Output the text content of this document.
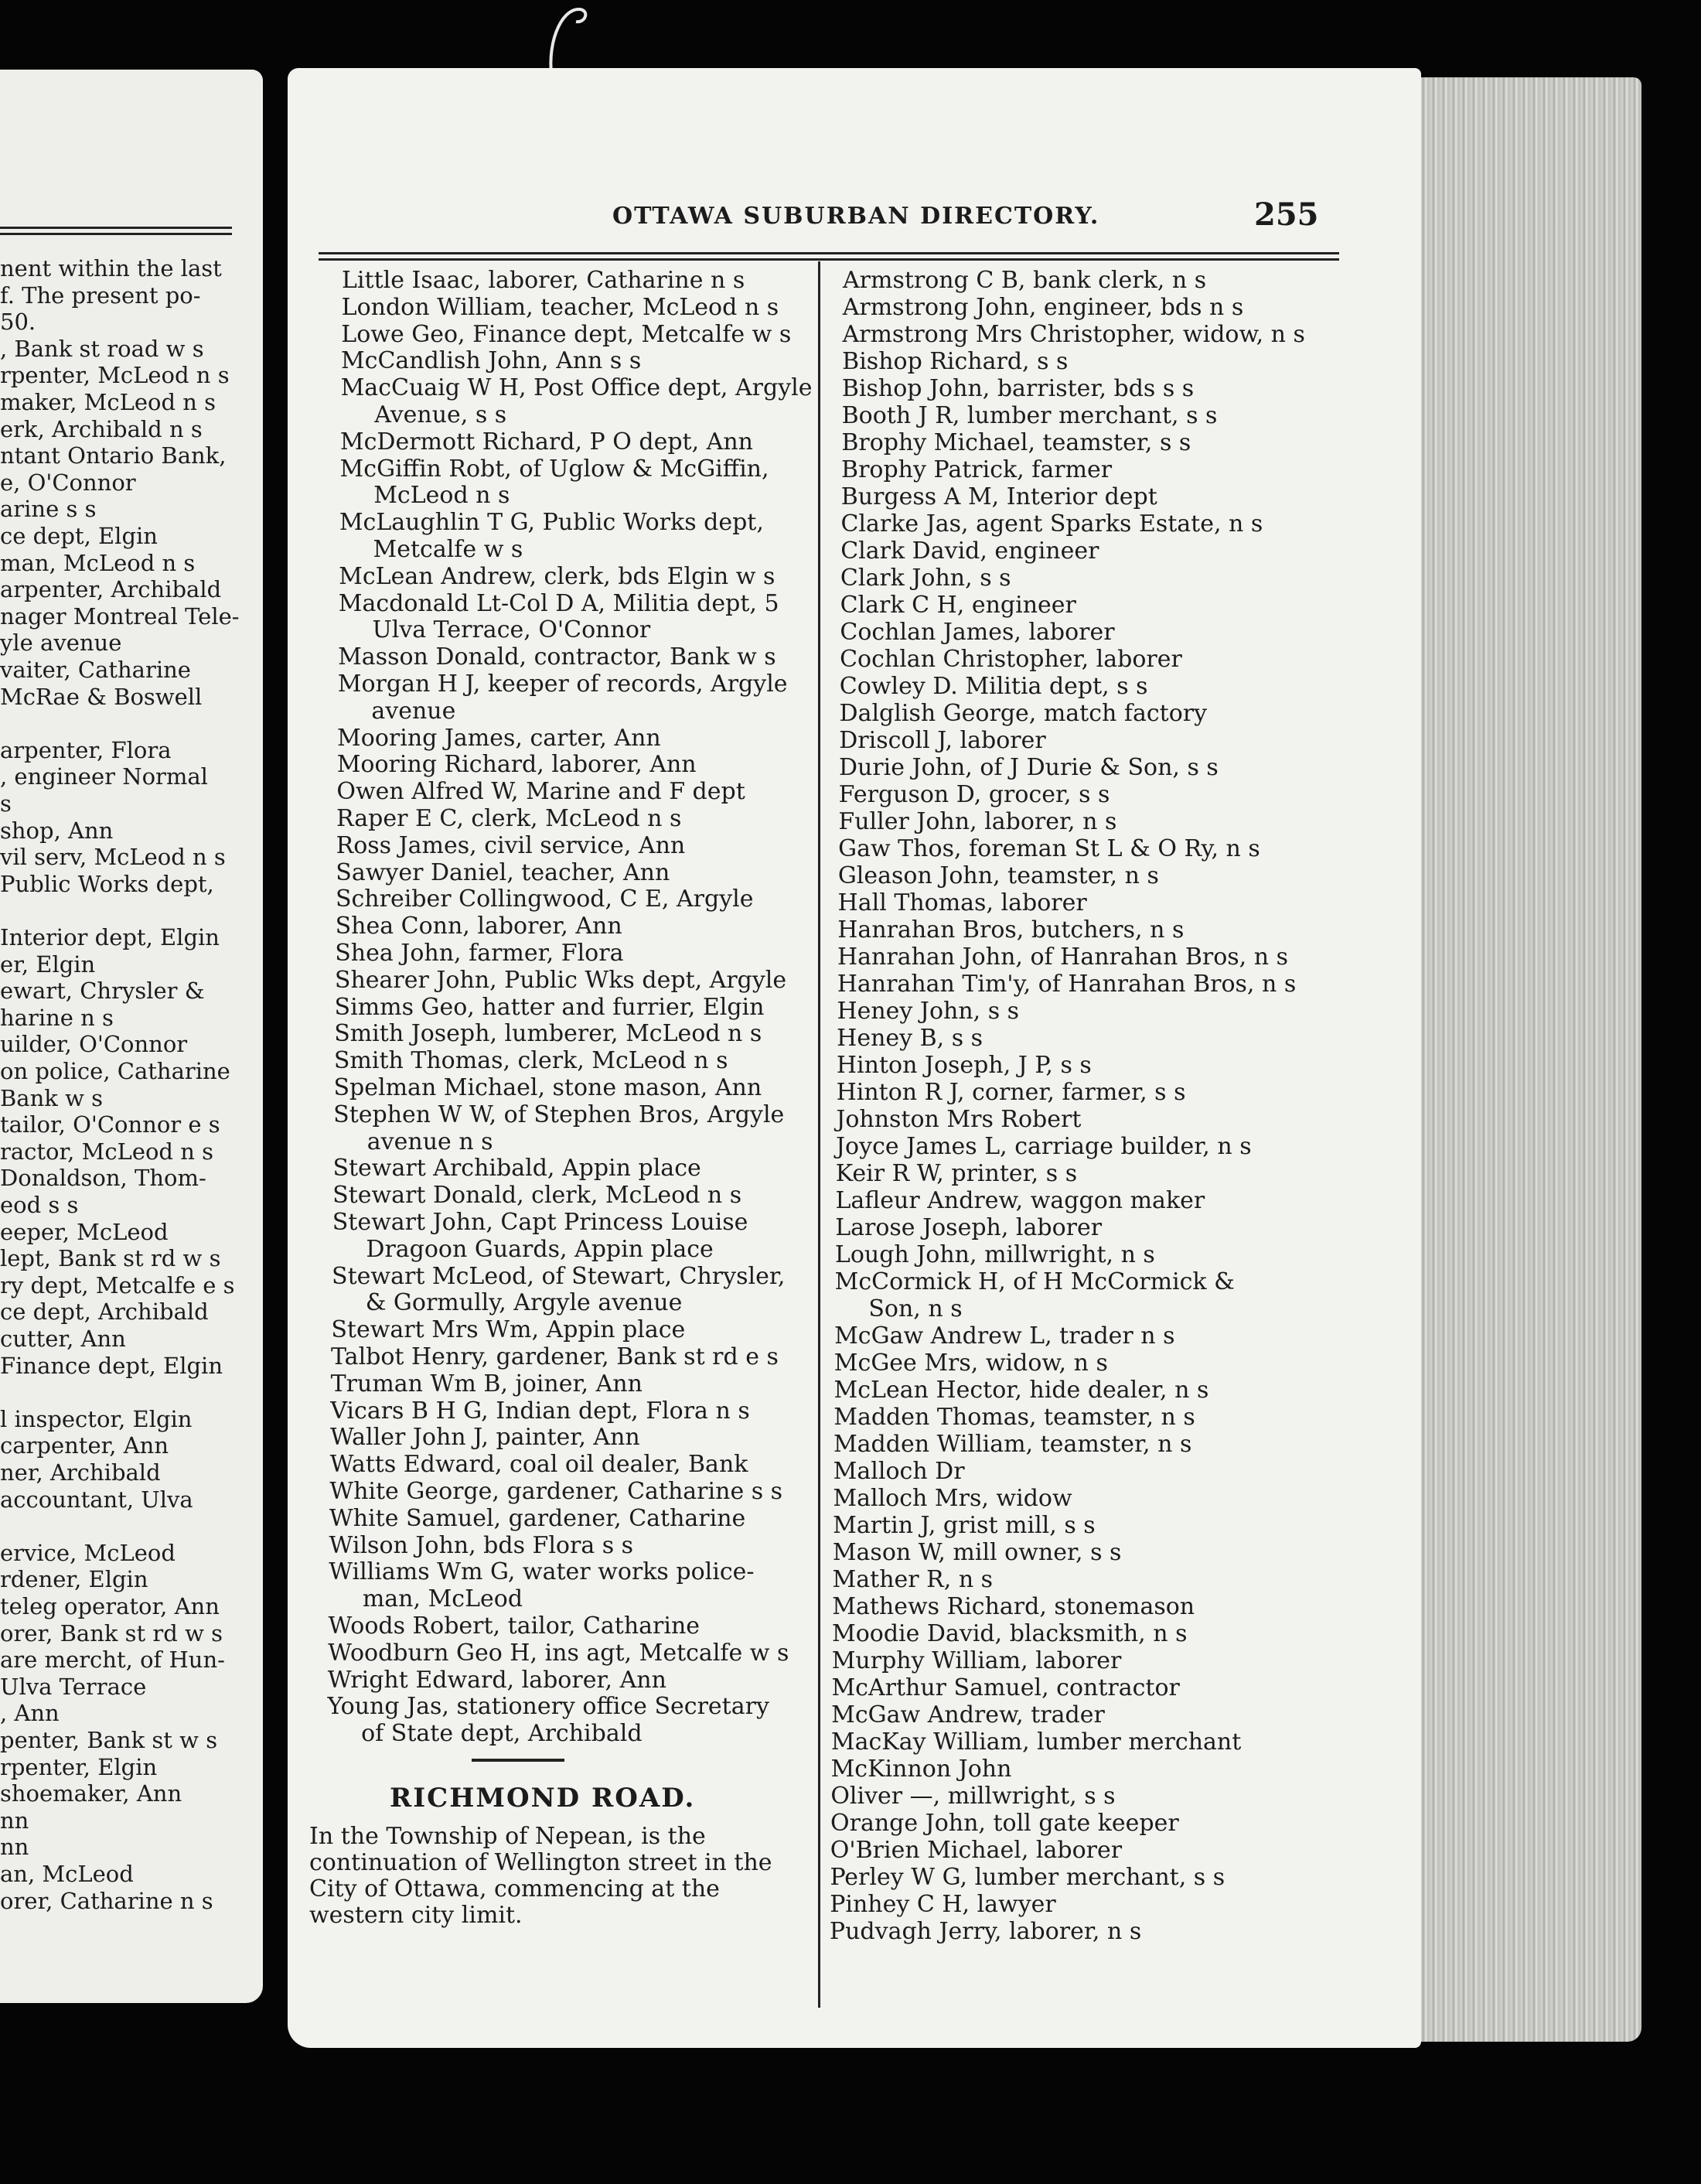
nent within the last
f. The present po-
50.
, Bank st road w s
rpenter, McLeod n s
maker, McLeod n s
erk, Archibald n s
ntant Ontario Bank,
e, O'Connor
arine s s
ce dept, Elgin
man, McLeod n s
arpenter, Archibald
nager Montreal Tele-
yle avenue
vaiter, Catharine
McRae & Boswell
arpenter, Flora
, engineer Normal
s
shop, Ann
vil serv, McLeod n s
Public Works dept,
Interior dept, Elgin
er, Elgin
ewart, Chrysler &
harine n s
uilder, O'Connor
on police, Catharine
Bank w s
tailor, O'Connor e s
ractor, McLeod n s
Donaldson, Thom-
eod s s
eeper, McLeod
lept, Bank st rd w s
ry dept, Metcalfe e s
ce dept, Archibald
cutter, Ann
Finance dept, Elgin
l inspector, Elgin
carpenter, Ann
ner, Archibald
accountant, Ulva
ervice, McLeod
rdener, Elgin
teleg operator, Ann
orer, Bank st rd w s
are mercht, of Hun-
Ulva Terrace
, Ann
penter, Bank st w s
rpenter, Elgin
shoemaker, Ann
nn
nn
an, McLeod
orer, Catharine n s
OTTAWA SUBURBAN DIRECTORY.	255
Little Isaac, laborer, Catharine n s
London William, teacher, McLeod n s
Lowe Geo, Finance dept, Metcalfe w s
McCandlish John, Ann s s
MacCuaig W H, Post Office dept, Argyle
Avenue, s s
McDermott Richard, P O dept, Ann
McGiffin Robt, of Uglow & McGiffin,
McLeod n s
McLaughlin T G, Public Works dept,
Metcalfe w s
McLean Andrew, clerk, bds Elgin w s
Macdonald Lt-Col D A, Militia dept, 5
Ulva Terrace, O'Connor
Masson Donald, contractor, Bank w s
Morgan H J, keeper of records, Argyle
avenue
Mooring James, carter, Ann
Mooring Richard, laborer, Ann
Owen Alfred W, Marine and F dept
Raper E C, clerk, McLeod n s
Ross James, civil service, Ann
Sawyer Daniel, teacher, Ann
Schreiber Collingwood, C E, Argyle
Shea Conn, laborer, Ann
Shea John, farmer, Flora
Shearer John, Public Wks dept, Argyle
Simms Geo, hatter and furrier, Elgin
Smith Joseph, lumberer, McLeod n s
Smith Thomas, clerk, McLeod n s
Spelman Michael, stone mason, Ann
Stephen W W, of Stephen Bros, Argyle
avenue n s
Stewart Archibald, Appin place
Stewart Donald, clerk, McLeod n s
Stewart John, Capt Princess Louise
Dragoon Guards, Appin place
Stewart McLeod, of Stewart, Chrysler,
& Gormully, Argyle avenue
Stewart Mrs Wm, Appin place
Talbot Henry, gardener, Bank st rd e s
Truman Wm B, joiner, Ann
Vicars B H G, Indian dept, Flora n s
Waller John J, painter, Ann
Watts Edward, coal oil dealer, Bank
White George, gardener, Catharine s s
White Samuel, gardener, Catharine
Wilson John, bds Flora s s
Williams Wm G, water works police-
man, McLeod
Woods Robert, tailor, Catharine
Woodburn Geo H, ins agt, Metcalfe w s
Wright Edward, laborer, Ann
Young Jas, stationery office Secretary
of State dept, Archibald
Armstrong C B, bank clerk, n s
Armstrong John, engineer, bds n s
Armstrong Mrs Christopher, widow, n s
Bishop Richard, s s
Bishop John, barrister, bds s s
Booth J R, lumber merchant, s s
Brophy Michael, teamster, s s
Brophy Patrick, farmer
Burgess A M, Interior dept
Clarke Jas, agent Sparks Estate, n s
Clark David, engineer
Clark John, s s
Clark C H, engineer
Cochlan James, laborer
Cochlan Christopher, laborer
Cowley D. Militia dept, s s
Dalglish George, match factory
Driscoll J, laborer
Durie John, of J Durie & Son, s s
Ferguson D, grocer, s s
Fuller John, laborer, n s
Gaw Thos, foreman St L & O Ry, n s
Gleason John, teamster, n s
Hall Thomas, laborer
Hanrahan Bros, butchers, n s
Hanrahan John, of Hanrahan Bros, n s
Hanrahan Tim'y, of Hanrahan Bros, n s
Heney John, s s
Heney B, s s
Hinton Joseph, J P, s s
Hinton R J, corner, farmer, s s
Johnston Mrs Robert
Joyce James L, carriage builder, n s
Keir R W, printer, s s
Lafleur Andrew, waggon maker
Larose Joseph, laborer
Lough John, millwright, n s
McCormick H, of H McCormick &
Son, n s
McGaw Andrew L, trader n s
McGee Mrs, widow, n s
McLean Hector, hide dealer, n s
Madden Thomas, teamster, n s
Madden William, teamster, n s
Malloch Dr
Malloch Mrs, widow
Martin J, grist mill, s s
Mason W, mill owner, s s
Mather R, n s
Mathews Richard, stonemason
Moodie David, blacksmith, n s
Murphy William, laborer
McArthur Samuel, contractor
McGaw Andrew, trader
MacKay William, lumber merchant
McKinnon John
Oliver —, millwright, s s
Orange John, toll gate keeper
O'Brien Michael, laborer
Perley W G, lumber merchant, s s
Pinhey C H, lawyer
Pudvagh Jerry, laborer, n s
RICHMOND ROAD.
In the Township of Nepean, is the
continuation of Wellington street in the
City of Ottawa, commencing at the
western city limit.
